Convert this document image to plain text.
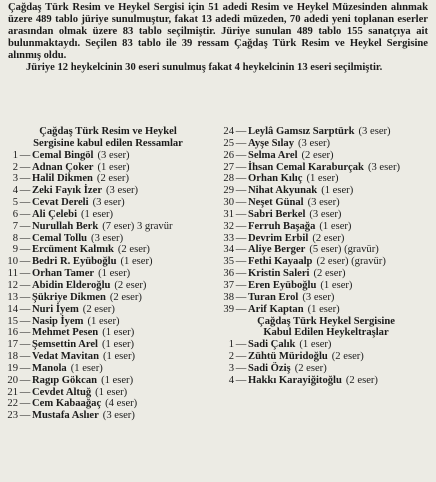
Çağdaş Türk Resim ve Heykel Sergisi için 51 adedi Resim ve Heykel Müzesinden alınmak üzere 489 tablo jüriye sunulmuştur, fakat 13 adedi müzeden, 70 adedi yeni toplanan eserler arasından olmak üzere 83 tablo seçilmiştir. Jüriye sunulan 489 tablo 155 sanatçıya ait bulunmaktaydı. Seçilen 83 tablo ile 39 ressam Çağdaş Türk Resim ve Heykel Sergisine alınmış oldu.

Jüriye 12 heykelcinin 30 eseri sunulmuş fakat 4 heykelcinin 13 eseri seçilmiştir.

Çağdaş Türk Resim ve Heykel
Sergisine kabul edilen Ressamlar
1 — Cemal Bingöl (3 eser)
2 — Adnan Çoker (1 eser)
3 — Halil Dikmen (2 eser)
4 — Zeki Fayık İzer (3 eser)
5 — Cevat Dereli (3 eser)
6 — Ali Çelebi (1 eser)
7 — Nurullah Berk (7 eser) 3 gravür
8 — Cemal Tollu (3 eser)
9 — Ercüment Kalmık (2 eser)
10 — Bedri R. Eyüboğlu (1 eser)
11 — Orhan Tamer (1 eser)
12 — Abidin Elderoğlu (2 eser)
13 — Şükriye Dikmen (2 eser)
14 — Nuri İyem (2 eser)
15 — Nasip İyem (1 eser)
16 — Mehmet Pesen (1 eser)
17 — Şemsettin Arel (1 eser)
18 — Vedat Mavitan (1 eser)
19 — Manola (1 eser)
20 — Ragıp Gökcan (1 eser)
21 — Cevdet Altuğ (1 eser)
22 — Cem Kabaağaç (4 eser)
23 — Mustafa Aslıer (3 eser)
24 — Leylâ Gamsız Sarptürk (3 eser)
25 — Ayşe Sılay (3 eser)
26 — Selma Arel (2 eser)
27 — İhsan Cemal Karaburçak (3 eser)
28 — Orhan Kılıç (1 eser)
29 — Nihat Akyunak (1 eser)
30 — Neşet Günal (3 eser)
31 — Sabri Berkel (3 eser)
32 — Ferruh Başağa (1 eser)
33 — Devrim Erbil (2 eser)
34 — Aliye Berger (5 eser) (gravür)
35 — Fethi Kayaalp (2 eser) (gravür)
36 — Kristin Saleri (2 eser)
37 — Eren Eyüboğlu (1 eser)
38 — Turan Erol (3 eser)
39 — Arif Kaptan (1 eser)
Çağdaş Türk Heykel Sergisine
Kabul Edilen Heykeltraşlar
1 — Sadi Çalık (1 eser)
2 — Zühtü Müridoğlu (2 eser)
3 — Sadi Öziş (2 eser)
4 — Hakkı Karayiğitoğlu (2 eser)
